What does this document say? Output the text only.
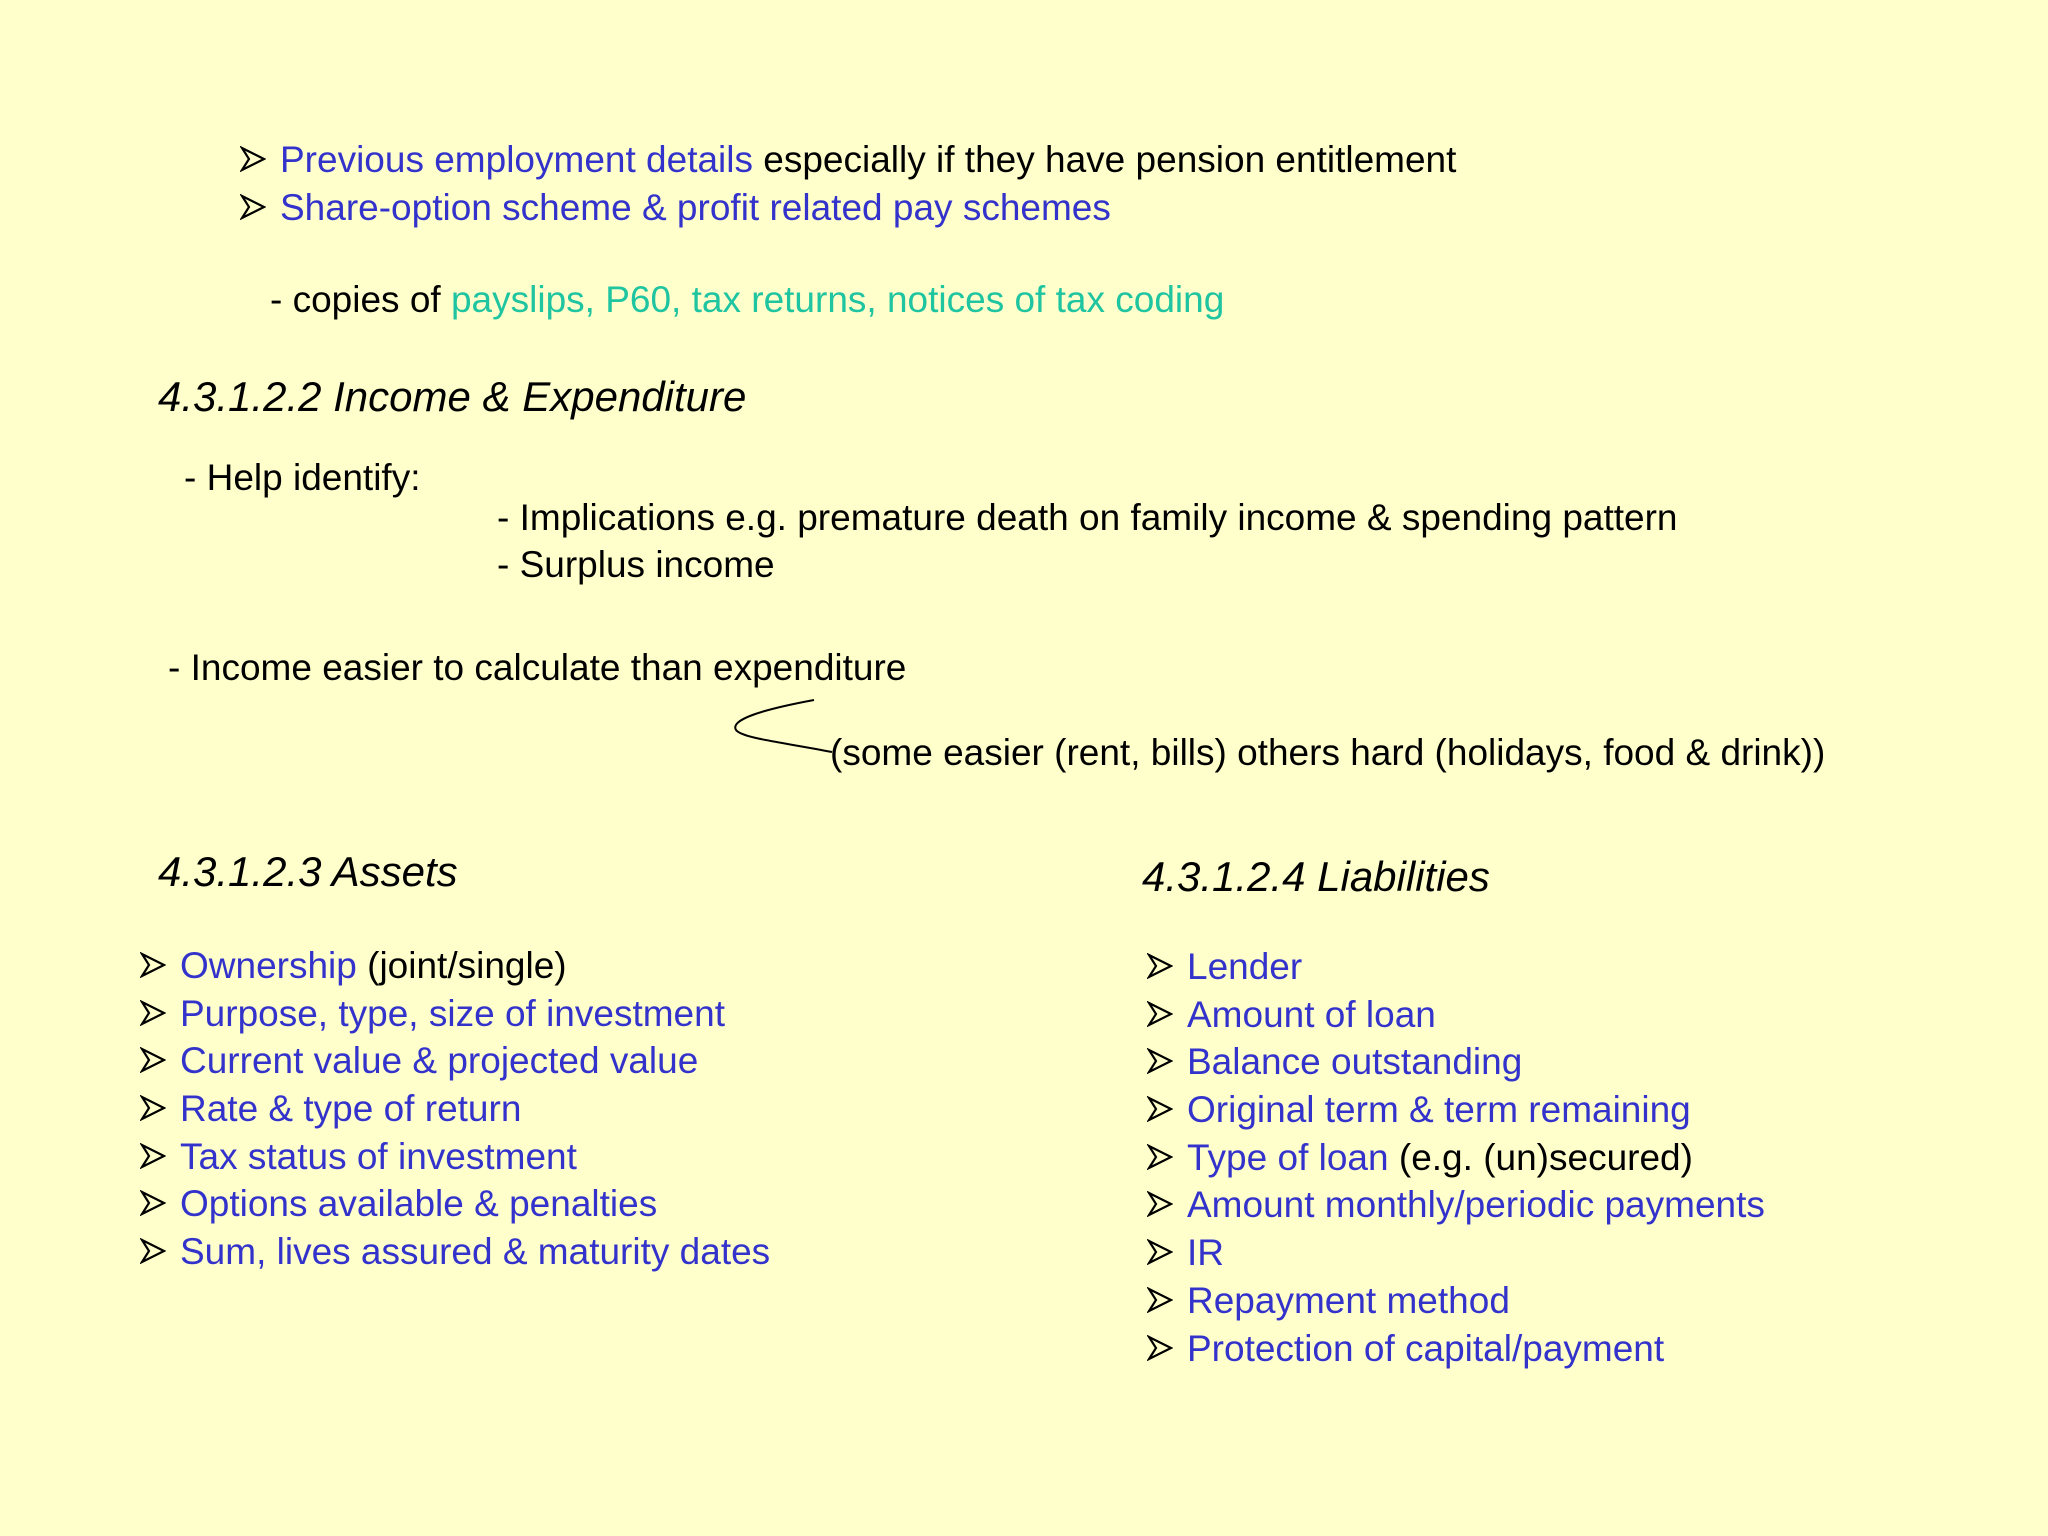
Previous employment details especially if they have pension entitlement
Share-option scheme & profit related pay schemes
- copies of payslips, P60, tax returns, notices of tax coding
4.3.1.2.2 Income & Expenditure
- Help identify:
- Implications e.g. premature death on family income & spending pattern
- Surplus income
- Income easier to calculate than expenditure
(some easier (rent, bills) others hard (holidays, food & drink))
4.3.1.2.3 Assets
Ownership (joint/single)
Purpose, type, size of investment
Current value & projected value
Rate & type of return
Tax status of investment
Options available & penalties
Sum, lives assured & maturity dates
4.3.1.2.4 Liabilities
Lender
Amount of loan
Balance outstanding
Original term & term remaining
Type of loan (e.g. (un)secured)
Amount monthly/periodic payments
IR
Repayment method
Protection of capital/payment
